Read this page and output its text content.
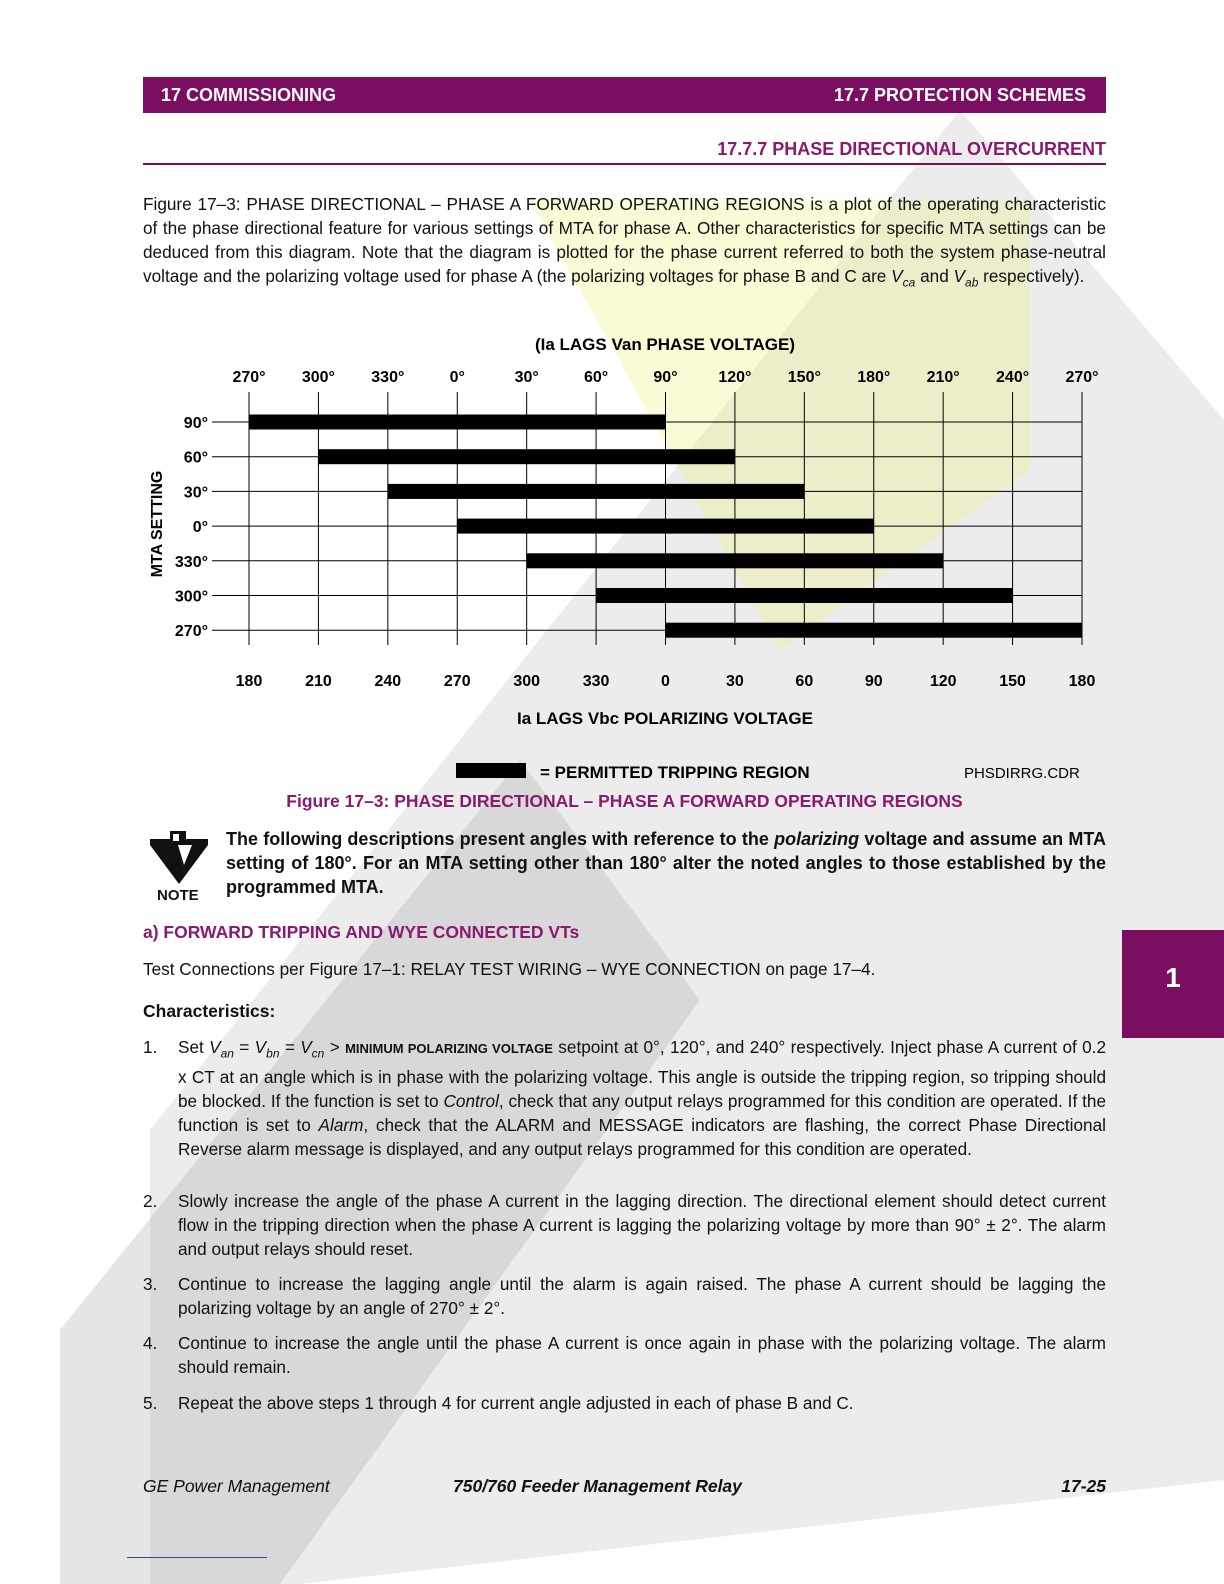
17 COMMISSIONING	17.7 PROTECTION SCHEMES
17.7.7 PHASE DIRECTIONAL OVERCURRENT
Figure 17–3: PHASE DIRECTIONAL – PHASE A FORWARD OPERATING REGIONS is a plot of the operating characteristic of the phase directional feature for various settings of MTA for phase A. Other characteristics for specific MTA settings can be deduced from this diagram. Note that the diagram is plotted for the phase current referred to both the system phase-neutral voltage and the polarizing voltage used for phase A (the polarizing voltages for phase B and C are $V_{ca}$ and $V_{ab}$ respectively).
(Ia LAGS Van PHASE VOLTAGE)
MTA SETTING
Ia LAGS Vbc POLARIZING VOLTAGE
= PERMITTED TRIPPING REGION	PHSDIRRG.CDR
90°
60°
30°
0°
330°
300°
270°
270° 300° 330°	0°	30°	60°	90°	120° 150° 180° 210° 240° 270°
180	210	240	270	300	330	0	30	60	90	120	150	180
Figure 17–3: PHASE DIRECTIONAL – PHASE A FORWARD OPERATING REGIONS
NOTE
The following descriptions present angles with reference to the polarizing voltage and assume an MTA setting of 180°. For an MTA setting other than 180° alter the noted angles to those established by the programmed MTA.
a) FORWARD TRIPPING AND WYE CONNECTED VTs
Test Connections per Figure 17–1: RELAY TEST WIRING – WYE CONNECTION on page 17–4.
Characteristics:
1.	Set $V_{an} = V_{bn} = V_{cn}$ > MINIMUM POLARIZING VOLTAGE setpoint at 0°, 120°, and 240° respectively. Inject phase A current of 0.2 x CT at an angle which is in phase with the polarizing voltage. This angle is outside the tripping region, so tripping should be blocked. If the function is set to Control, check that any output relays programmed for this condition are operated. If the function is set to Alarm, check that the ALARM and MESSAGE indicators are flashing, the correct Phase Directional Reverse alarm message is displayed, and any output relays programmed for this condition are operated.
2.	Slowly increase the angle of the phase A current in the lagging direction. The directional element should detect current flow in the tripping direction when the phase A current is lagging the polarizing voltage by more than 90° ± 2°. The alarm and output relays should reset.
3.	Continue to increase the lagging angle until the alarm is again raised. The phase A current should be lagging the polarizing voltage by an angle of 270° ± 2°.
4.	Continue to increase the angle until the phase A current is once again in phase with the polarizing voltage. The alarm should remain.
5.	Repeat the above steps 1 through 4 for current angle adjusted in each of phase B and C.
1
GE Power Management	750/760 Feeder Management Relay	17-25
